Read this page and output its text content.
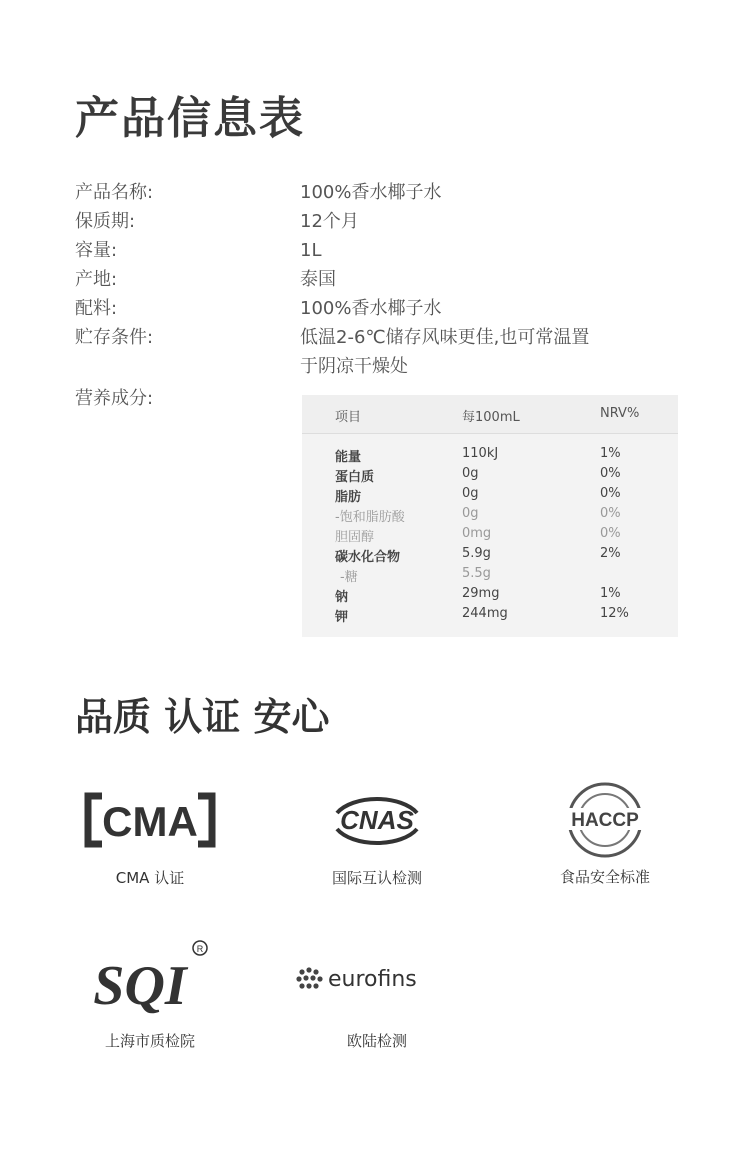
产品信息表
产品名称:	100%香水椰子水
保质期:	12个月
容量:	1L
产地:	泰国
配料:	100%香水椰子水
贮存条件:	低温2-6℃储存风味更佳,也可常温置
于阴凉干燥处
营养成分:
项目	每100mL	NRV%
能量	110kJ	1%
蛋白质	0g	0%
脂肪	0g	0%
-饱和脂肪酸	0g	0%
胆固醇	0mg	0%
碳水化合物	5.9g	2%
-糖	5.5g
钠	29mg	1%
钾	244mg	12%
品质 认证 安心
CMA
CMA 认证
CNAS
国际互认检测
HACCP
食品安全标准
SQI
R
上海市质检院
eurofins
欧陆检测
